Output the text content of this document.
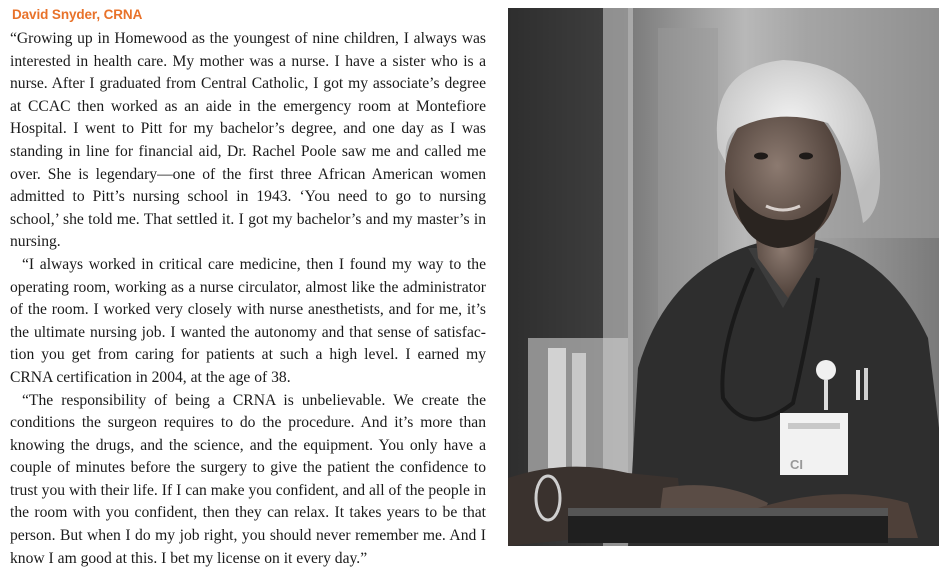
David Snyder, CRNA

“Growing up in Homewood as the youngest of nine children, I always was interested in health care. My mother was a nurse. I have a sister who is a nurse. After I graduated from Central Catholic, I got my associate’s degree at CCAC then worked as an aide in the emergency room at Montefiore Hospital. I went to Pitt for my bachelor’s degree, and one day as I was standing in line for financial aid, Dr. Rachel Poole saw me and called me over. She is legendary—one of the first three African American women admitted to Pitt’s nursing school in 1943. ‘You need to go to nursing school,’ she told me. That settled it. I got my bachelor’s and my master’s in nursing.

“I always worked in critical care medicine, then I found my way to the operating room, working as a nurse circulator, almost like the administrator of the room. I worked very closely with nurse anesthetists, and for me, it’s the ultimate nursing job. I wanted the autonomy and that sense of satisfaction you get from caring for patients at such a high level. I earned my CRNA certification in 2004, at the age of 38.

“The responsibility of being a CRNA is unbelievable. We create the conditions the surgeon requires to do the procedure. And it’s more than knowing the drugs, and the science, and the equipment. You only have a couple of minutes before the surgery to give the patient the confidence to trust you with their life. If I can make you confident, and all of the people in the room with you confident, then they can relax. It takes years to be that person. But when I do my job right, you should never remember me. And I know I am good at this. I bet my license on it every day.”

CI
